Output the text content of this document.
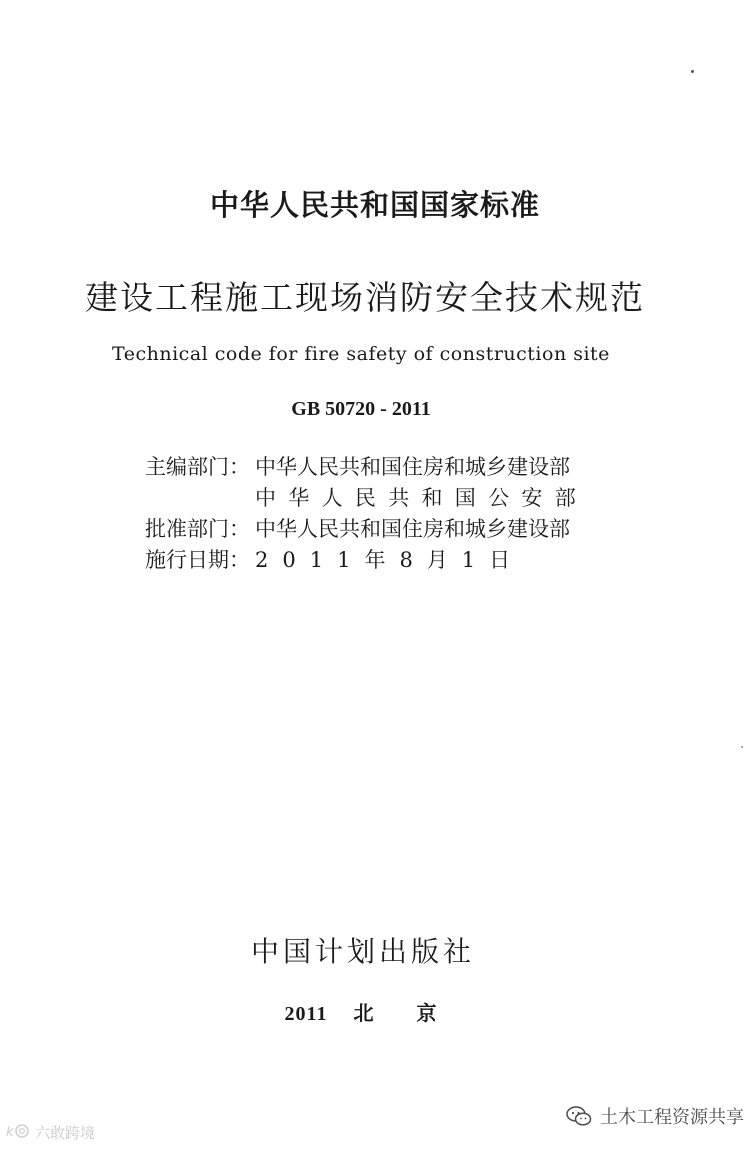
中华人民共和国国家标准
建设工程施工现场消防安全技术规范
Technical code for fire safety of construction site
GB 50720 - 2011
主编部门： 中华人民共和国住房和城乡建设部
中华人民共和国公安部
批准部门： 中华人民共和国住房和城乡建设部
施行日期： 2011年8月1日
中国计划出版社
2011 北 京
k 六敢跨境
土木工程资源共享
